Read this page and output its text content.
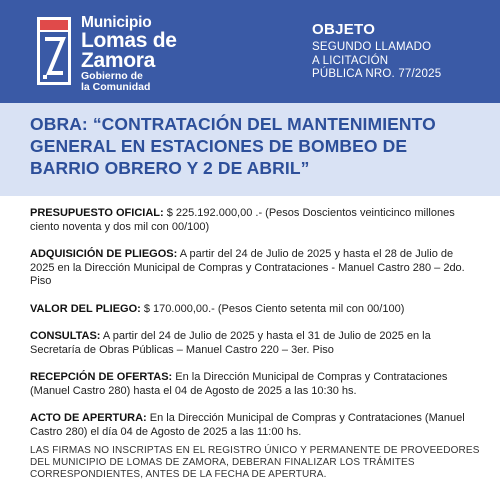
Municipio
Lomas de
Zamora
Gobierno de
la Comunidad
OBJETO
SEGUNDO LLAMADO
A LICITACIÓN
PÚBLICA NRO. 77/2025
OBRA: “CONTRATACIÓN DEL MANTENIMIENTO GENERAL EN ESTACIONES DE BOMBEO DE BARRIO OBRERO Y 2 DE ABRIL”

PRESUPUESTO OFICIAL: $ 225.192.000,00 .- (Pesos Doscientos veinticinco millones ciento noventa y dos mil con 00/100)

ADQUISICIÓN DE PLIEGOS: A partir del 24 de Julio de 2025 y hasta el 28 de Julio de 2025 en la Dirección Municipal de Compras y Contrataciones - Manuel Castro 280 – 2do. Piso

VALOR DEL PLIEGO: $ 170.000,00.- (Pesos Ciento setenta mil con 00/100)

CONSULTAS: A partir del 24 de Julio de 2025 y hasta el 31 de Julio de 2025 en la Secretaría de Obras Públicas – Manuel Castro 220 – 3er. Piso

RECEPCIÓN DE OFERTAS: En la Dirección Municipal de Compras y Contrataciones (Manuel Castro 280) hasta el 04 de Agosto de 2025 a las 10:30 hs.

ACTO DE APERTURA: En la Dirección Municipal de Compras y Contrataciones (Manuel Castro 280) el día 04 de Agosto de 2025 a las 11:00 hs.

LAS FIRMAS NO INSCRIPTAS EN EL REGISTRO ÚNICO Y PERMANENTE DE PROVEEDORES DEL MUNICIPIO DE LOMAS DE ZAMORA, DEBERAN FINALIZAR LOS TRÁMITES CORRESPONDIENTES, ANTES DE LA FECHA DE APERTURA.
